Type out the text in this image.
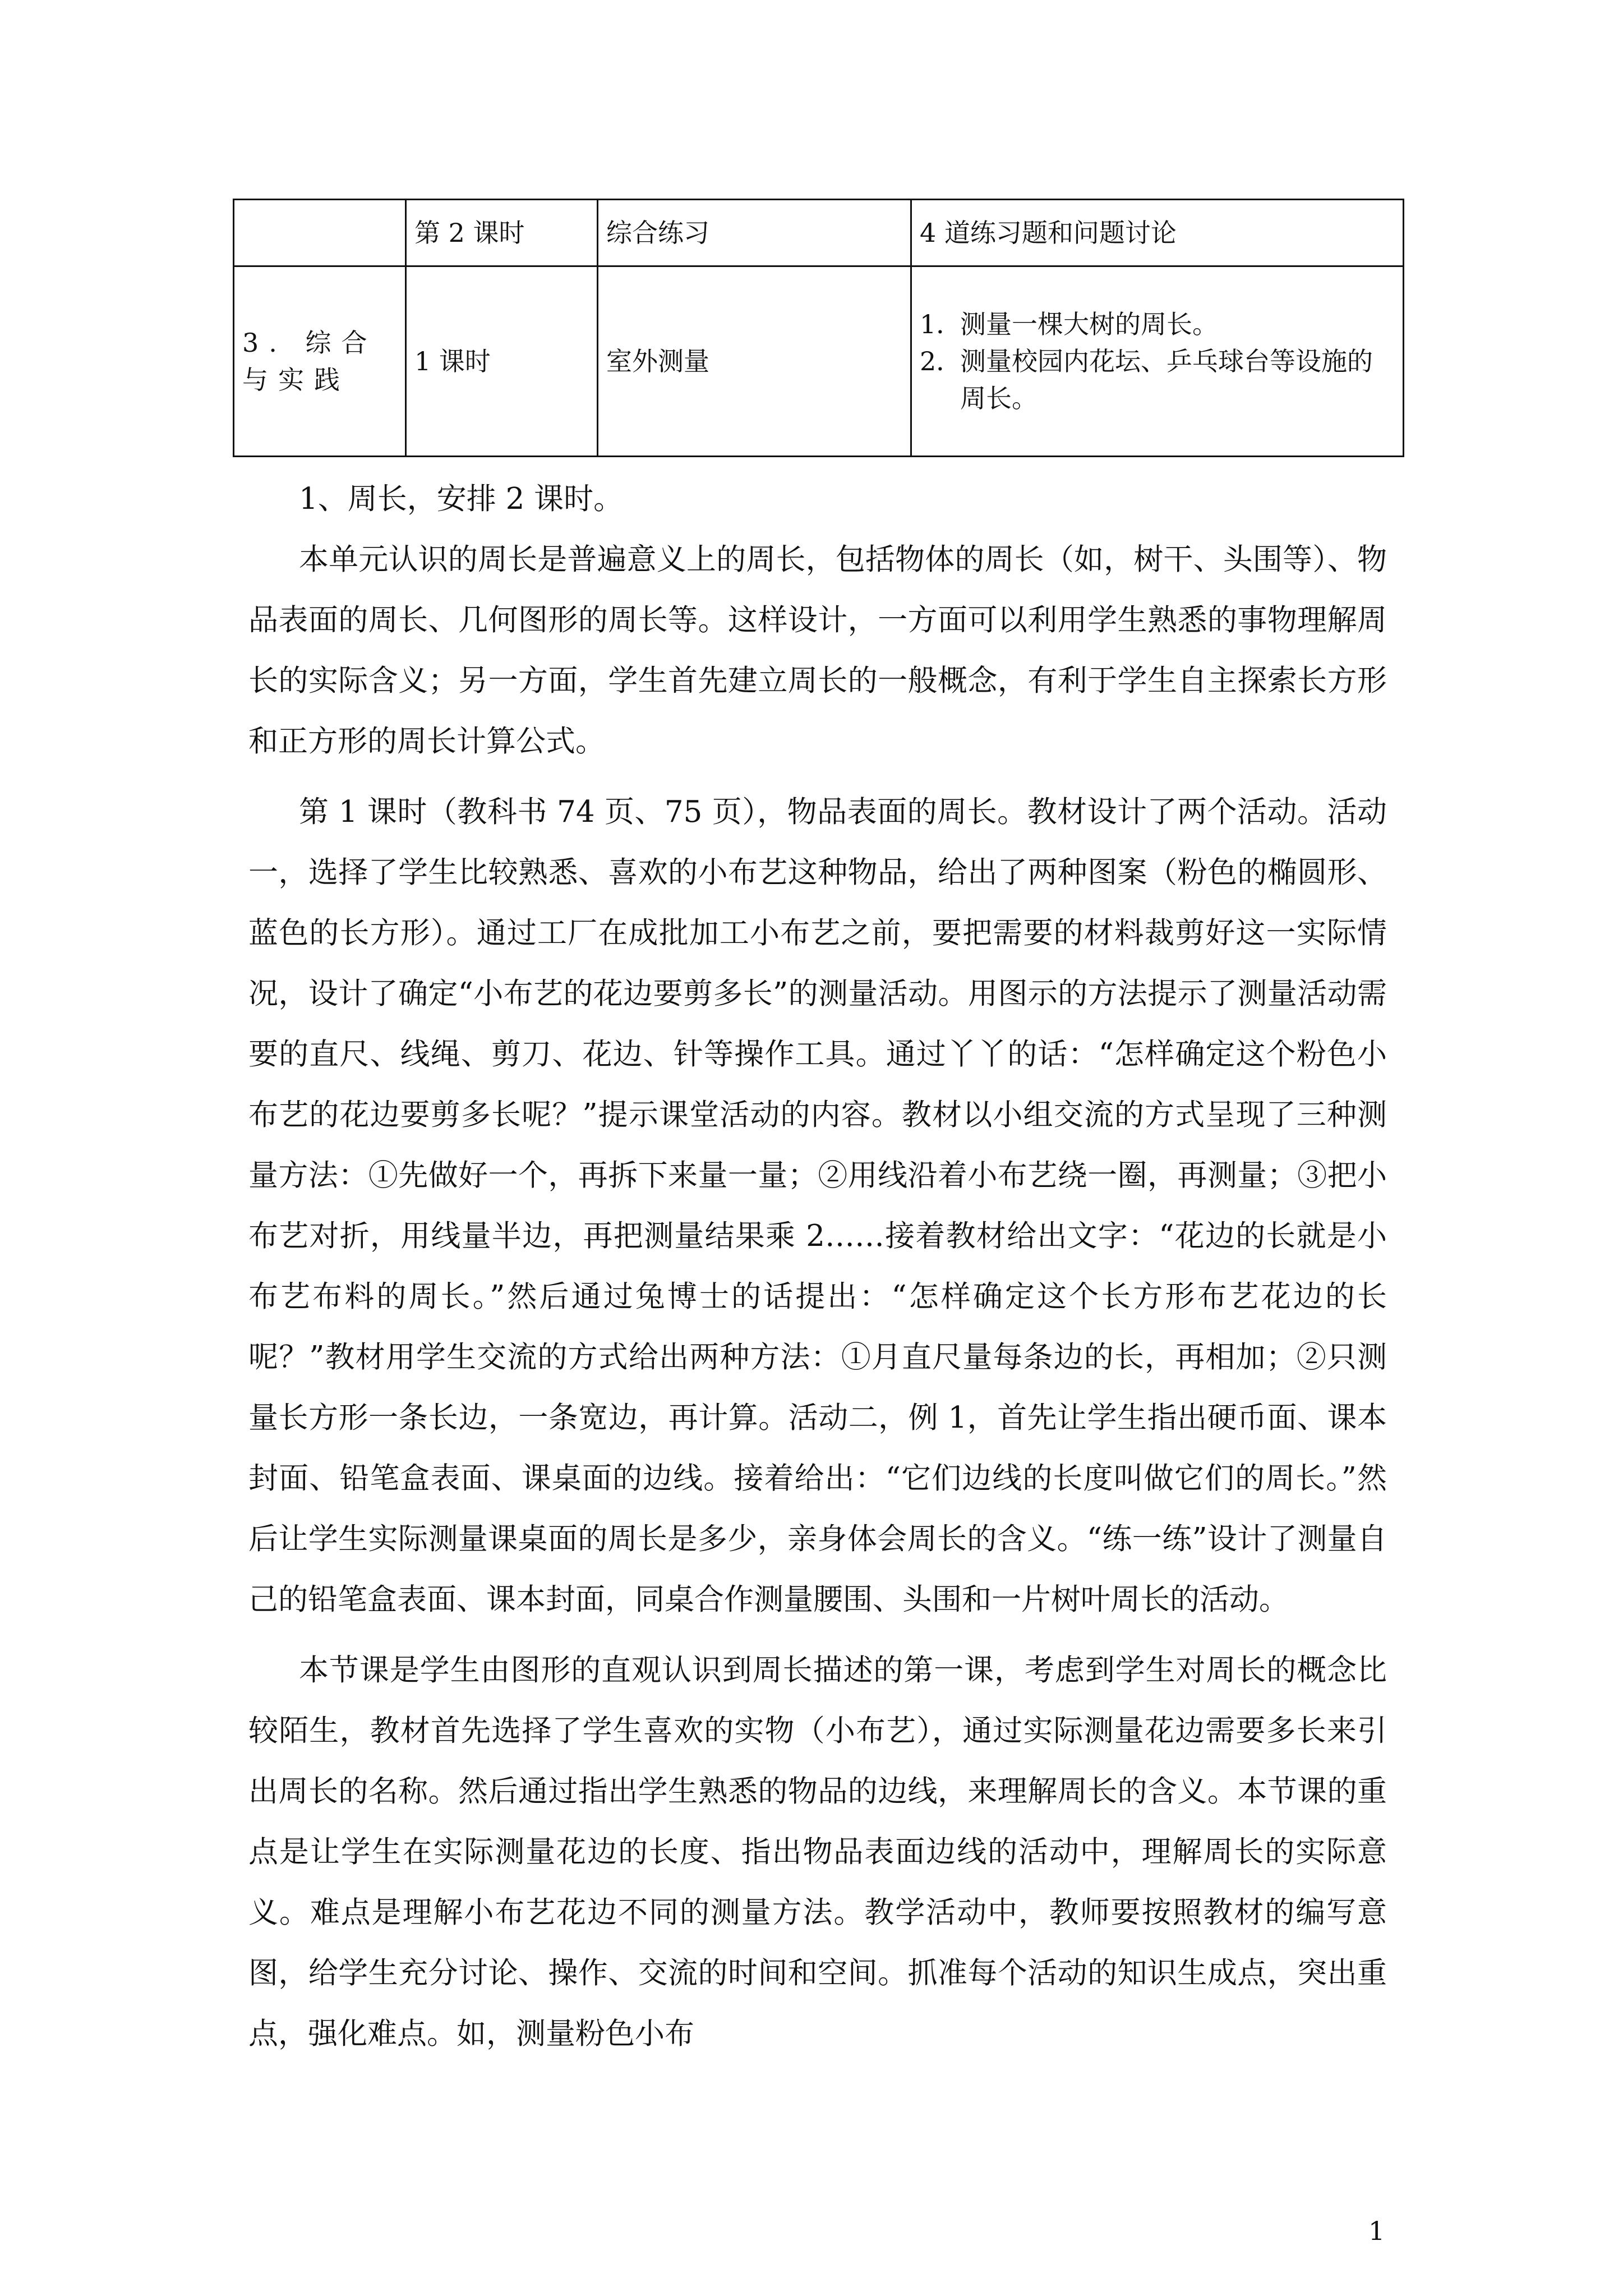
	第 2 课时	综合练习	4 道练习题和问题讨论
3. 综合与实践	1 课时	室外测量	1．
测量一棵大树的周长。
2．
测量校园内花坛、乒乓球台等设施的周长。

1、周长，安排 2 课时。

本单元认识的周长是普遍意义上的周长，包括物体的周长（如，树干、头围等）、物品表面的周长、几何图形的周长等。这样设计，一方面可以利用学生熟悉的事物理解周长的实际含义；另一方面，学生首先建立周长的一般概念，有利于学生自主探索长方形和正方形的周长计算公式。

第 1 课时（教科书 74 页、75 页），物品表面的周长。教材设计了两个活动。活动一，选择了学生比较熟悉、喜欢的小布艺这种物品，给出了两种图案（粉色的椭圆形、蓝色的长方形）。通过工厂在成批加工小布艺之前，要把需要的材料裁剪好这一实际情况，设计了确定“小布艺的花边要剪多长”的测量活动。用图示的方法提示了测量活动需要的直尺、线绳、剪刀、花边、针等操作工具。通过丫丫的话：“怎样确定这个粉色小布艺的花边要剪多长呢？”提示课堂活动的内容。教材以小组交流的方式呈现了三种测量方法：①先做好一个，再拆下来量一量；②用线沿着小布艺绕一圈，再测量；③把小布艺对折，用线量半边，再把测量结果乘 2……接着教材给出文字：“花边的长就是小布艺布料的周长。”然后通过兔博士的话提出：“怎样确定这个长方形布艺花边的长呢？”教材用学生交流的方式给出两种方法：①月直尺量每条边的长，再相加；②只测量长方形一条长边，一条宽边，再计算。活动二，例 1，首先让学生指出硬币面、课本封面、铅笔盒表面、课桌面的边线。接着给出：“它们边线的长度叫做它们的周长。”然后让学生实际测量课桌面的周长是多少，亲身体会周长的含义。“练一练”设计了测量自己的铅笔盒表面、课本封面，同桌合作测量腰围、头围和一片树叶周长的活动。

本节课是学生由图形的直观认识到周长描述的第一课，考虑到学生对周长的概念比较陌生，教材首先选择了学生喜欢的实物（小布艺），通过实际测量花边需要多长来引出周长的名称。然后通过指出学生熟悉的物品的边线，来理解周长的含义。本节课的重点是让学生在实际测量花边的长度、指出物品表面边线的活动中，理解周长的实际意义。难点是理解小布艺花边不同的测量方法。教学活动中，教师要按照教材的编写意图，给学生充分讨论、操作、交流的时间和空间。抓准每个活动的知识生成点，突出重点，强化难点。如，测量粉色小布

1
